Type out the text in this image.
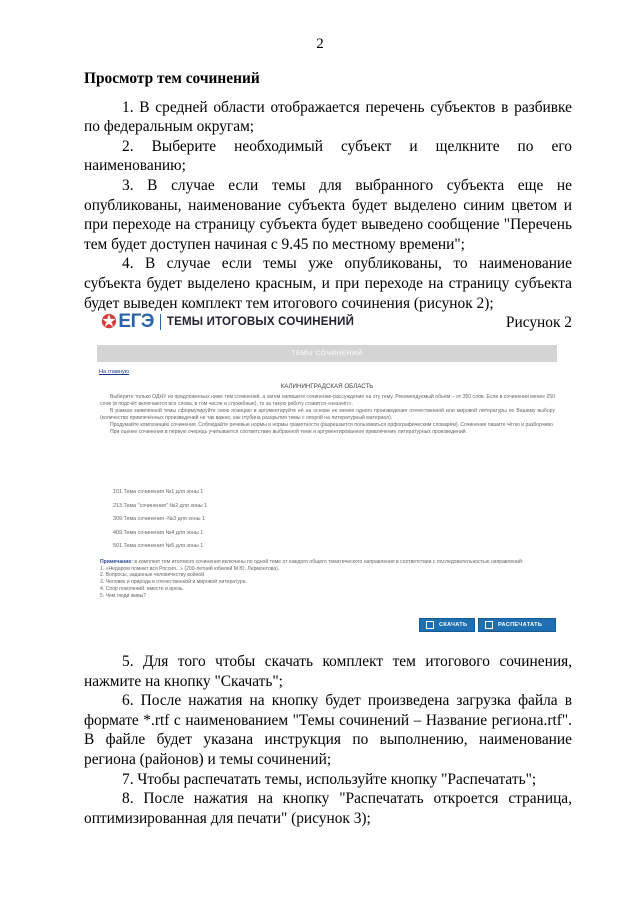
2

Просмотр тем сочинений

1. В средней области отображается перечень субъектов в разбивке по федеральным округам;

2. Выберите необходимый субъект и щелкните по его наименованию;

3. В случае если темы для выбранного субъекта еще не опубликованы, наименование субъекта будет выделено синим цветом и при переходе на страницу субъекта будет выведено сообщение "Перечень тем будет доступен начиная с 9.45 по местному времени";

4. В случае если темы уже опубликованы, то наименование субъекта будет выделено красным, и при переходе на страницу субъекта будет выведен комплект тем итогового сочинения (рисунок 2);

Рисунок 2

✪ ЕГЭ ТЕМЫ ИТОГОВЫХ СОЧИНЕНИЙ
ТЕМЫ СОЧИНЕНИЙ
На главную
КАЛИНИНГРАДСКАЯ ОБЛАСТЬ

Выберите только ОДНУ из предложенных ниже тем сочинений, а затем напишите сочинение-рассуждение на эту тему. Рекомендуемый объём – от 350 слов. Если в сочинении менее 250 слов (в подсчёт включаются все слова, в том числе и служебные), то за такую работу ставится «незачёт».

В рамках заявленной темы сформулируйте свою позицию и аргументируйте её на основе не менее одного произведения отечественной или мировой литературы по Вашему выбору (количество привлечённых произведений не так важно, как глубина раскрытия темы с опорой на литературный материал).

Продумайте композицию сочинения. Соблюдайте речевые нормы и нормы грамотности (разрешается пользоваться орфографическим словарём). Сочинение пишите чётко и разборчиво.

При оценке сочинения в первую очередь учитывается соответствие выбранной теме и аргументированное привлечение литературных произведений.

101.Тема сочинения №1 для зоны 1
213.Тема "сочинения" №2 для зоны 1
309.Тема сочинения -№3 для зоны 1
409.Тема сочинения №4 для зоны 1
501.Тема сочинения №5 для зоны 1
Примечание: в комплект тем итогового сочинения включены по одной теме от каждого общего тематического направления в соответствии с последовательностью направлений:
1. «Недаром помнит вся Россия...» (200-летний юбилей М.Ю. Лермонтова).
2. Вопросы, заданные человечеству войной.
3. Человек и природа в отечественной и мировой литературе.
4. Спор поколений: вместе и врозь.
5. Чем люди живы?
СКАЧАТЬ	РАСПЕЧАТАТЬ

5. Для того чтобы скачать комплект тем итогового сочинения, нажмите на кнопку "Скачать";

6. После нажатия на кнопку будет произведена загрузка файла в формате *.rtf с наименованием "Темы сочинений – Название региона.rtf". В файле будет указана инструкция по выполнению, наименование региона (районов) и темы сочинений;

7. Чтобы распечатать темы, используйте кнопку "Распечатать";

8. После нажатия на кнопку "Распечатать откроется страница, оптимизированная для печати" (рисунок 3);
